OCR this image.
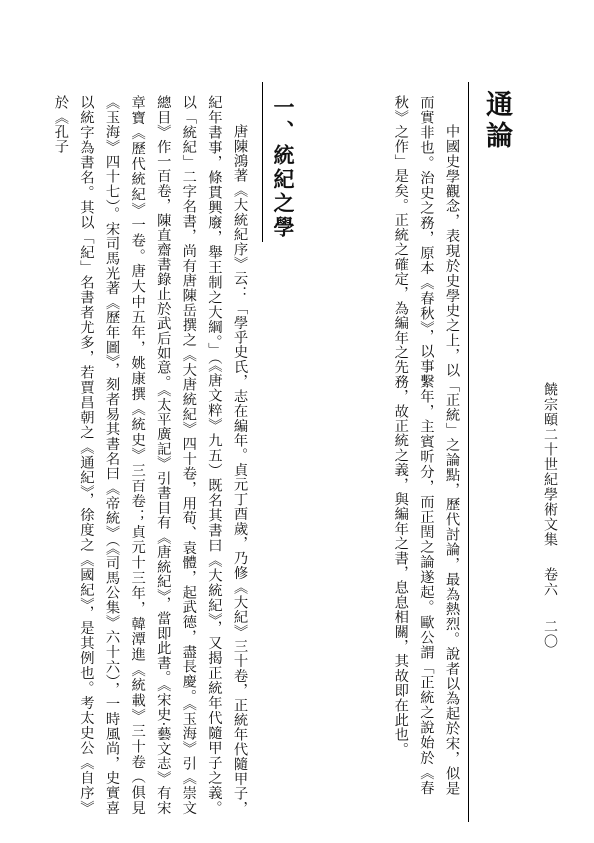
饒宗頤二十世紀學術文集卷六二〇
通論

中國史學觀念，表現於史學史之上，以「正統」之論點，歷代討論，最為熱烈。說者以為起於宋，似是而實非也。治史之務，原本《春秋》，以事繫年，主賓昕分，而正閏之論遂起。歐公謂「正統之說始於《春秋》之作」是矣。正統之確定，為編年之先務，故正統之義，與編年之書，息息相關，其故即在此也。

一、統紀之學

唐陳鴻著《大統紀序》云：「學乎史氏，志在編年。貞元丁酉歲，乃修《大紀》三十卷，正統年代隨甲子，紀年書事，條貫興廢，舉王制之大綱。」（《唐文粹》九五）既名其書曰《大統紀》，又揭正統年代隨甲子之義。以「統紀」二字名書，尚有唐陳岳撰之《大唐統紀》四十卷，用荀、袁體，起武德，盡長慶。《玉海》引《崇文總目》作一百卷，陳直齋書錄止於武后如意。《太平廣記》引書目有《唐統紀》，當即此書。《宋史·藝文志》有宋章寶《歷代統紀》一卷。唐大中五年，姚康撰《統史》三百卷；貞元十三年，韓潭進《統載》三十卷（俱見《玉海》四十七）。宋司馬光著《歷年圖》，刻者易其書名曰《帝統》（《司馬公集》六十六），一時風尚，史實喜以統字為書名。其以「紀」名書者尤多，若賈昌朝之《通紀》，徐度之《國紀》，是其例也。考太史公《自序》於《孔子
